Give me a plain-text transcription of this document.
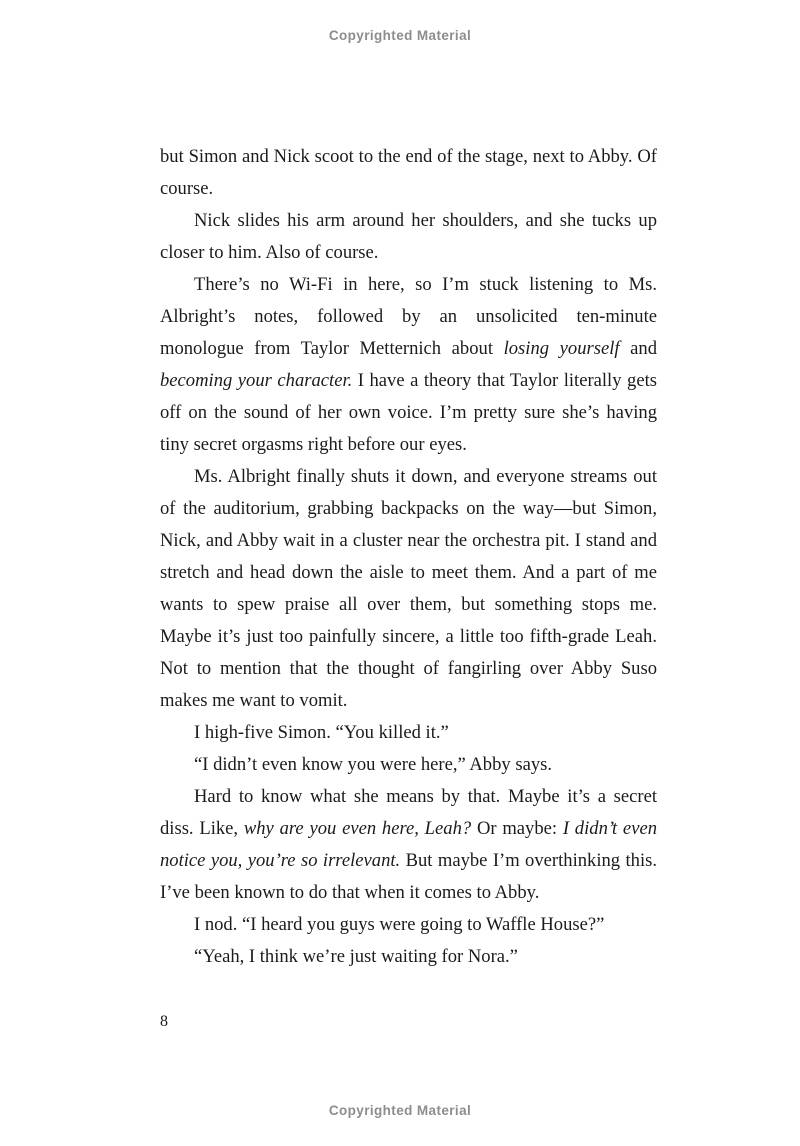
Copyrighted Material

but Simon and Nick scoot to the end of the stage, next to Abby. Of course.

Nick slides his arm around her shoulders, and she tucks up closer to him. Also of course.

There’s no Wi-Fi in here, so I’m stuck listening to Ms. Albright’s notes, followed by an unsolicited ten-minute monologue from Taylor Metternich about losing yourself and becoming your character. I have a theory that Taylor literally gets off on the sound of her own voice. I’m pretty sure she’s having tiny secret orgasms right before our eyes.

Ms. Albright finally shuts it down, and everyone streams out of the auditorium, grabbing backpacks on the way—but Simon, Nick, and Abby wait in a cluster near the orchestra pit. I stand and stretch and head down the aisle to meet them. And a part of me wants to spew praise all over them, but something stops me. Maybe it’s just too painfully sincere, a little too fifth-grade Leah. Not to mention that the thought of fangirling over Abby Suso makes me want to vomit.

I high-five Simon. “You killed it.”

“I didn’t even know you were here,” Abby says.

Hard to know what she means by that. Maybe it’s a secret diss. Like, why are you even here, Leah? Or maybe: I didn’t even notice you, you’re so irrelevant. But maybe I’m overthinking this. I’ve been known to do that when it comes to Abby.

I nod. “I heard you guys were going to Waffle House?”

“Yeah, I think we’re just waiting for Nora.”

8
Copyrighted Material
